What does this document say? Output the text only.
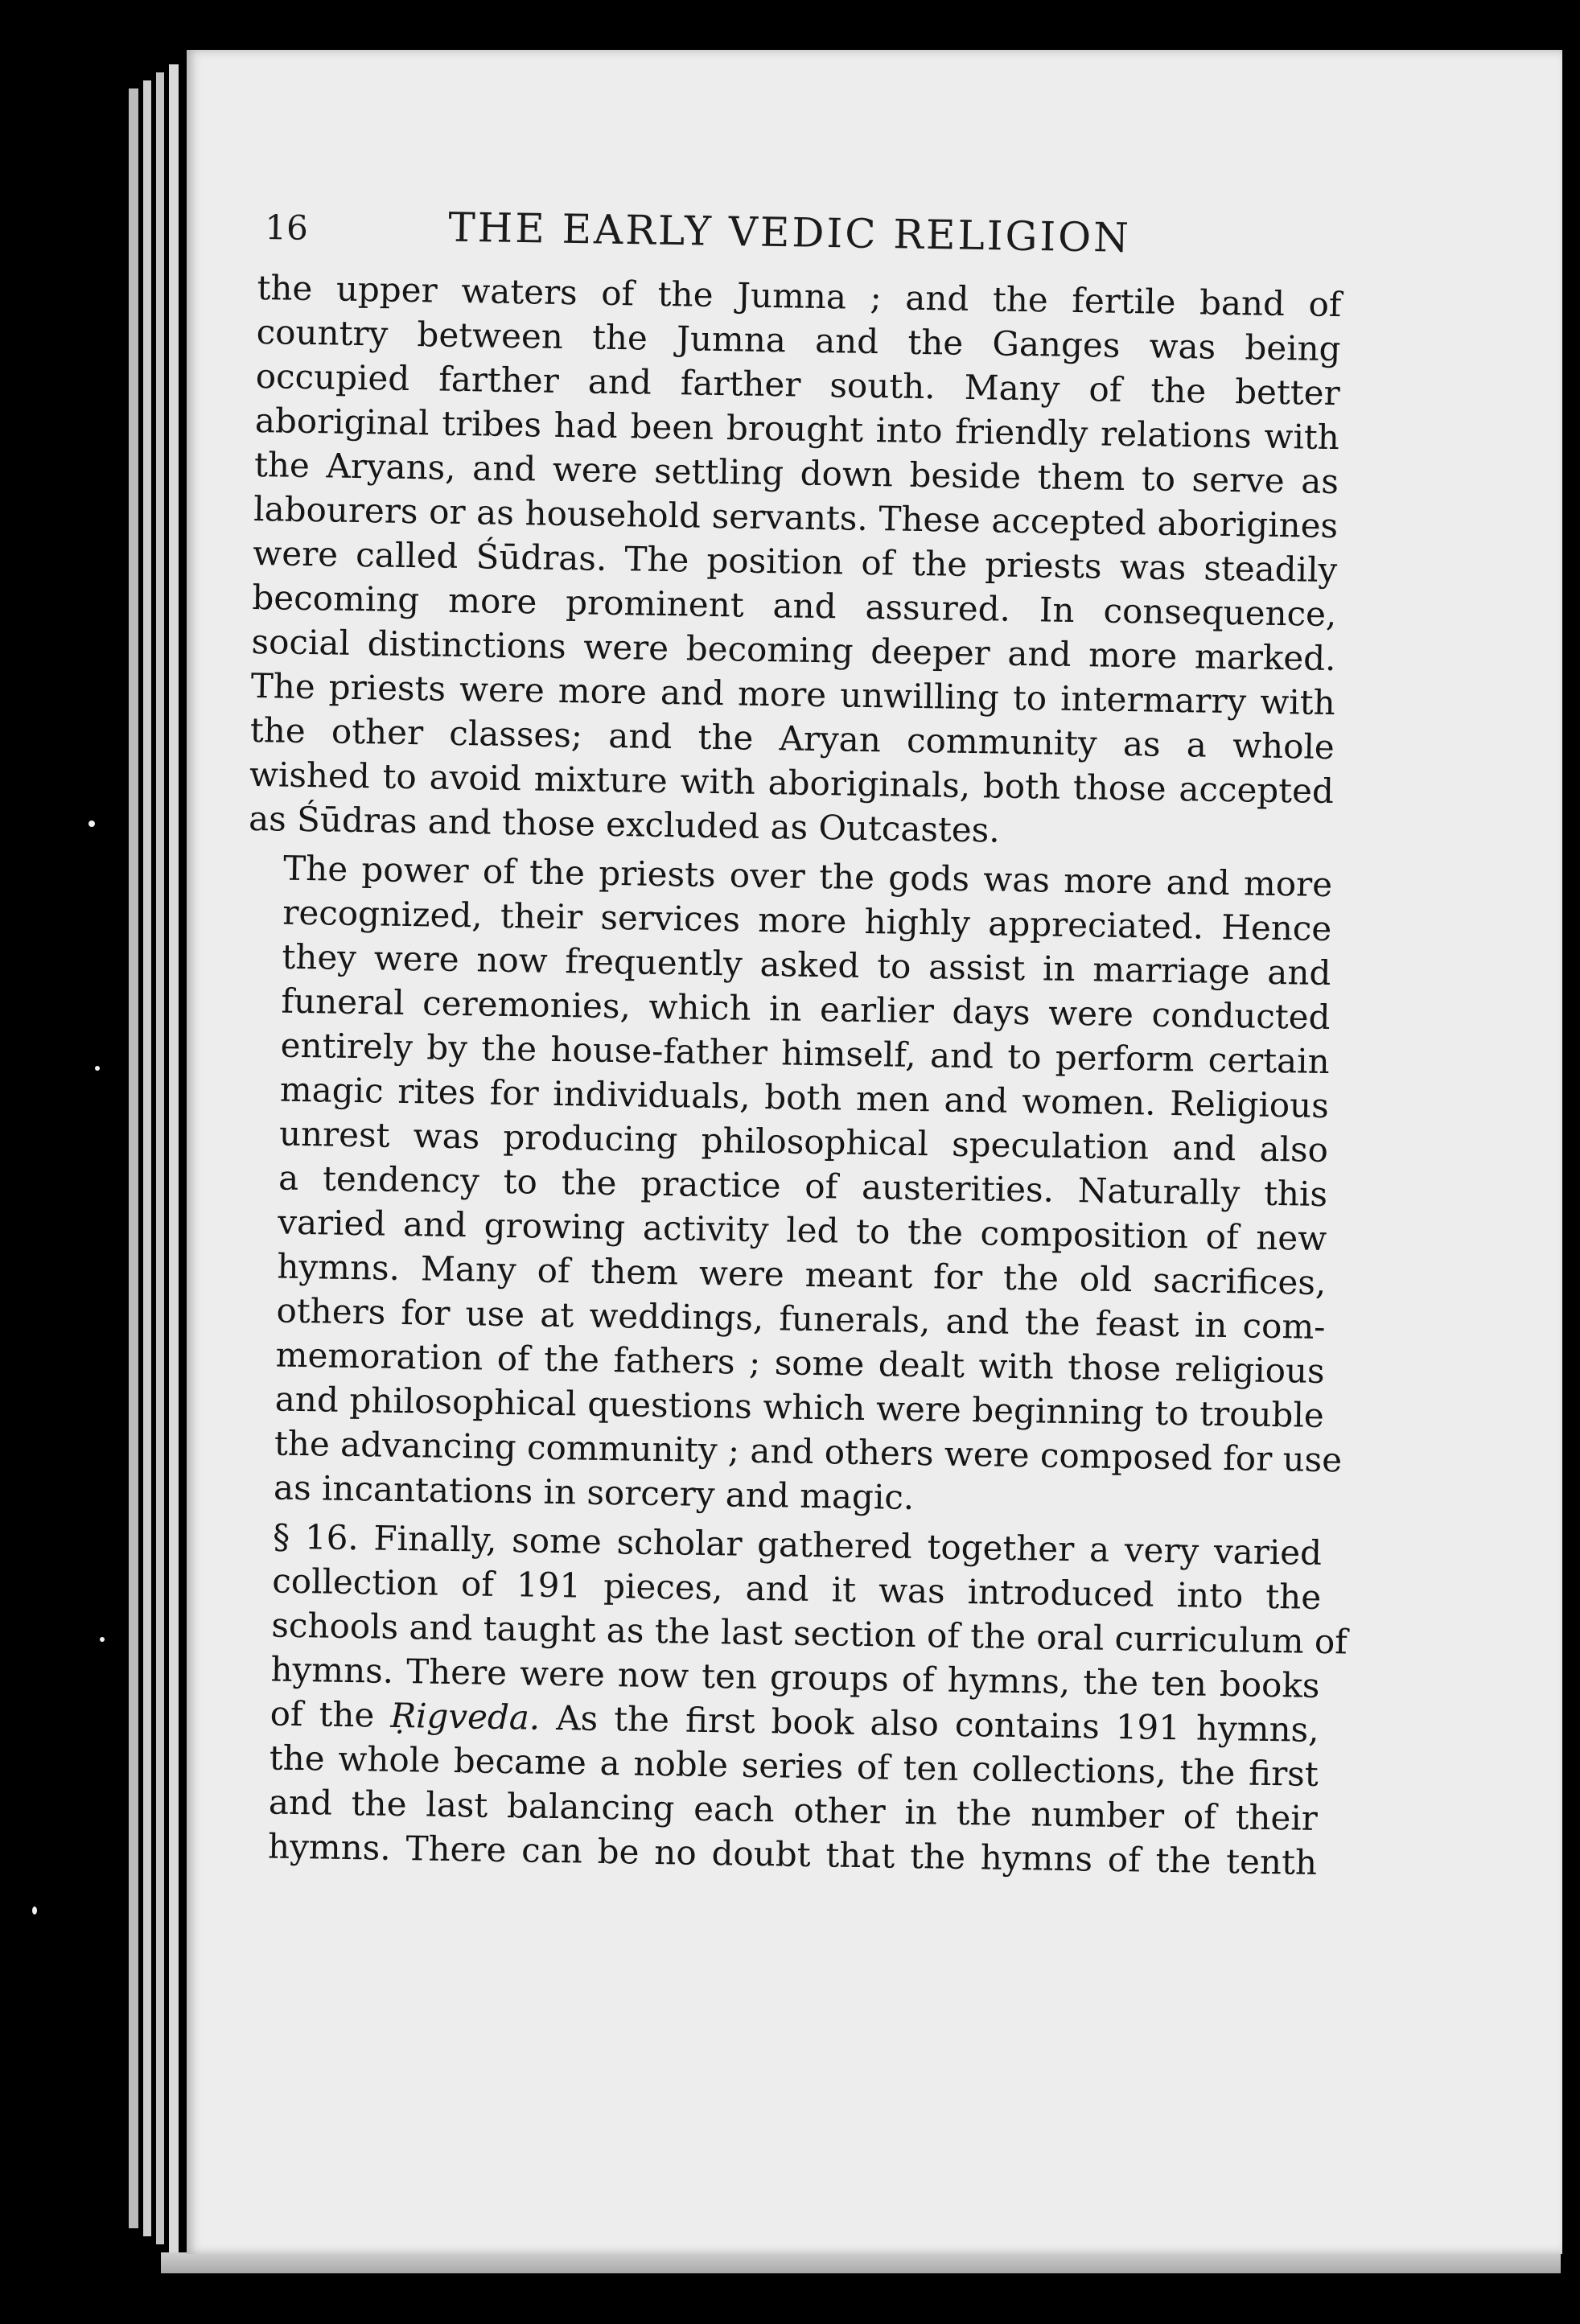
16	THE EARLY VEDIC RELIGION
the upper waters of the Jumna ; and the fertile band of
country between the Jumna and the Ganges was being
occupied farther and farther south. Many of the better
aboriginal tribes had been brought into friendly relations with
the Aryans, and were settling down beside them to serve as
labourers or as household servants. These accepted aborigines
were called Śūdras. The position of the priests was steadily
becoming more prominent and assured. In consequence,
social distinctions were becoming deeper and more marked.
The priests were more and more unwilling to intermarry with
the other classes; and the Aryan community as a whole
wished to avoid mixture with aboriginals, both those accepted
as Śūdras and those excluded as Outcastes.
The power of the priests over the gods was more and more
recognized, their services more highly appreciated. Hence
they were now frequently asked to assist in marriage and
funeral ceremonies, which in earlier days were conducted
entirely by the house-father himself, and to perform certain
magic rites for individuals, both men and women. Religious
unrest was producing philosophical speculation and also
a tendency to the practice of austerities. Naturally this
varied and growing activity led to the composition of new
hymns. Many of them were meant for the old sacrifices,
others for use at weddings, funerals, and the feast in com-
memoration of the fathers ; some dealt with those religious
and philosophical questions which were beginning to trouble
the advancing community ; and others were composed for use
as incantations in sorcery and magic.
§ 16. Finally, some scholar gathered together a very varied
collection of 191 pieces, and it was introduced into the
schools and taught as the last section of the oral curriculum of
hymns. There were now ten groups of hymns, the ten books
of the Ṛigveda. As the first book also contains 191 hymns,
the whole became a noble series of ten collections, the first
and the last balancing each other in the number of their
hymns. There can be no doubt that the hymns of the tenth
